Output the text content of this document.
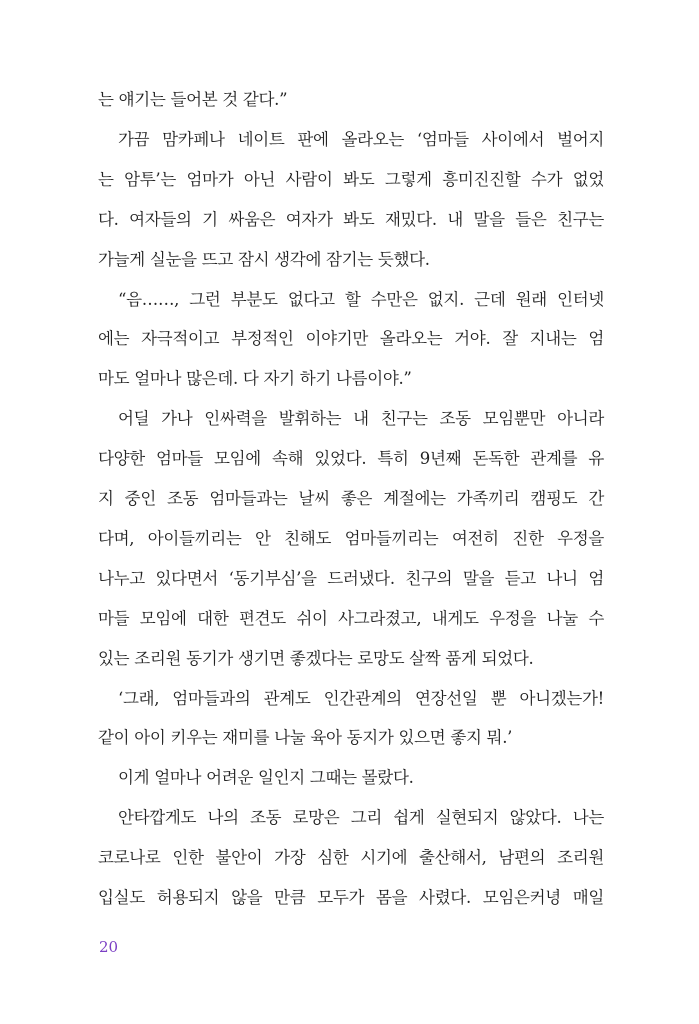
는 얘기는 들어본 것 같다.”
가끔 맘카페나 네이트 판에 올라오는 ‘엄마들 사이에서 벌어지
는 암투’는 엄마가 아닌 사람이 봐도 그렇게 흥미진진할 수가 없었
다. 여자들의 기 싸움은 여자가 봐도 재밌다. 내 말을 들은 친구는
가늘게 실눈을 뜨고 잠시 생각에 잠기는 듯했다.
“음……, 그런 부분도 없다고 할 수만은 없지. 근데 원래 인터넷
에는 자극적이고 부정적인 이야기만 올라오는 거야. 잘 지내는 엄
마도 얼마나 많은데. 다 자기 하기 나름이야.”
어딜 가나 인싸력을 발휘하는 내 친구는 조동 모임뿐만 아니라
다양한 엄마들 모임에 속해 있었다. 특히 9년째 돈독한 관계를 유
지 중인 조동 엄마들과는 날씨 좋은 계절에는 가족끼리 캠핑도 간
다며, 아이들끼리는 안 친해도 엄마들끼리는 여전히 진한 우정을
나누고 있다면서 ‘동기부심’을 드러냈다. 친구의 말을 듣고 나니 엄
마들 모임에 대한 편견도 쉬이 사그라졌고, 내게도 우정을 나눌 수
있는 조리원 동기가 생기면 좋겠다는 로망도 살짝 품게 되었다.
‘그래, 엄마들과의 관계도 인간관계의 연장선일 뿐 아니겠는가!
같이 아이 키우는 재미를 나눌 육아 동지가 있으면 좋지 뭐.’
이게 얼마나 어려운 일인지 그때는 몰랐다.
안타깝게도 나의 조동 로망은 그리 쉽게 실현되지 않았다. 나는
코로나로 인한 불안이 가장 심한 시기에 출산해서, 남편의 조리원
입실도 허용되지 않을 만큼 모두가 몸을 사렸다. 모임은커녕 매일
20
